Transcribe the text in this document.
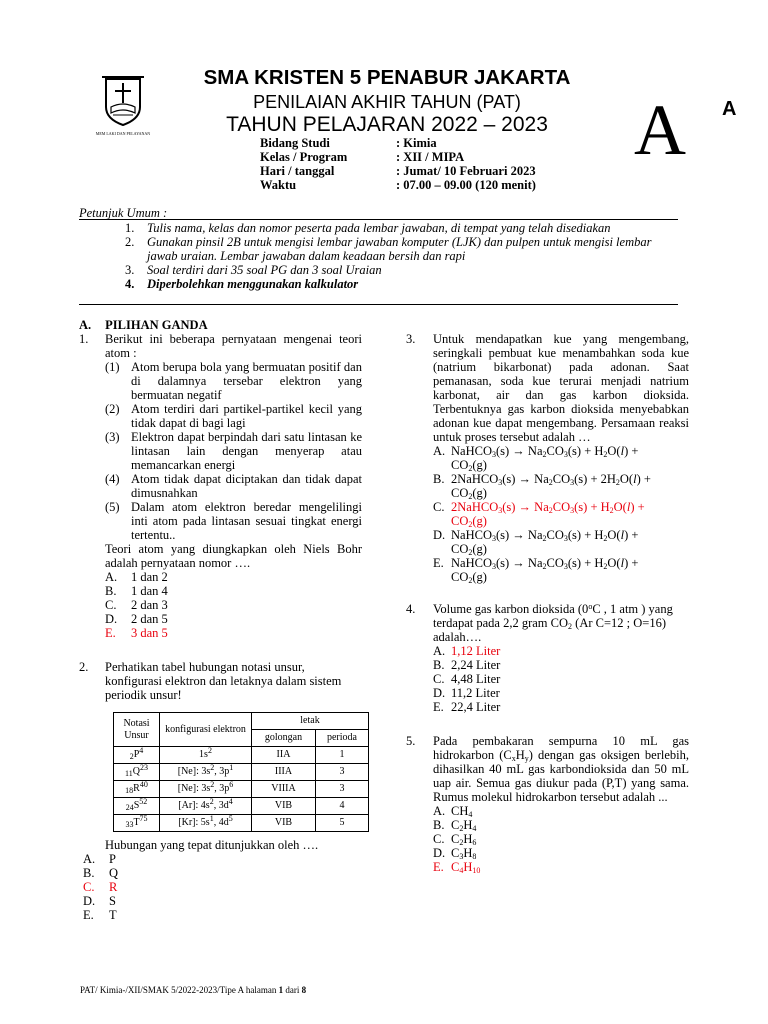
MEM LAKI DAN PELAYANAN
SMA KRISTEN 5 PENABUR JAKARTA
PENILAIAN AKHIR TAHUN (PAT)
TAHUN PELAJARAN 2022 – 2023	A	A
Bidang Studi	: Kimia
Kelas / Program	: XII / MIPA
Hari / tanggal	: Jumat/ 10 Februari 2023
Waktu	: 07.00 – 09.00 (120 menit)
Petunjuk Umum :
1. Tulis nama, kelas dan nomor peserta pada lembar jawaban, di tempat yang telah disediakan
2. Gunakan pinsil 2B untuk mengisi lembar jawaban komputer (LJK) dan pulpen untuk mengisi lembar jawab uraian. Lembar jawaban dalam keadaan bersih dan rapi
3. Soal terdiri dari 35 soal PG dan 3 soal Uraian
4. Diperbolehkan menggunakan kalkulator
A. PILIHAN GANDA
1. Berikut ini beberapa pernyataan mengenai teori atom :
(1) Atom berupa bola yang bermuatan positif dan di dalamnya tersebar elektron yang bermuatan negatif
(2) Atom terdiri dari partikel-partikel kecil yang tidak dapat di bagi lagi
(3) Elektron dapat berpindah dari satu lintasan ke lintasan lain dengan menyerap atau memancarkan energi
(4) Atom tidak dapat diciptakan dan tidak dapat dimusnahkan
(5) Dalam atom elektron beredar mengelilingi inti atom pada lintasan sesuai tingkat energi tertentu..
Teori atom yang diungkapkan oleh Niels Bohr adalah pernyataan nomor ….
A. 1 dan 2
B. 1 dan 4
C. 2 dan 3
D. 2 dan 5
E. 3 dan 5
2. Perhatikan tabel hubungan notasi unsur, konfigurasi elektron dan letaknya dalam sistem periodik unsur!
Notasi Unsur	konfigurasi elektron	letak	
		golongan	perioda
$_2P^4$	$1s^2$	IIA	1
$_{11}Q^{23}$	[Ne]: $3s^2$, $3p^1$	IIIA	3
$_{18}R^{40}$	[Ne]: $3s^2$, $3p^6$	VIIIA	3
$_{24}S^{52}$	[Ar]: $4s^2$, $3d^4$	VIB	4
$_{33}T^{75}$	[Kr]: $5s^1$, $4d^5$	VIB	5
Hubungan yang tepat ditunjukkan oleh ….
A. P
B. Q
C. R
D. S
E. T
3. Untuk mendapatkan kue yang mengembang, seringkali pembuat kue menambahkan soda kue (natrium bikarbonat) pada adonan. Saat pemanasan, soda kue terurai menjadi natrium karbonat, air dan gas karbon dioksida. Terbentuknya gas karbon dioksida menyebabkan adonan kue dapat mengembang. Persamaan reaksi untuk proses tersebut adalah …
A. NaHCO$_3$(s) → $Na_2CO_3(s) + H_2O(l)$ +
$CO_2(g)$
B. 2NaHCO$_3$(s) → $Na_2CO_3(s) + 2H_2O(l)$ +
$CO_2(g)$
C. 2NaHCO$_3$(s) → $Na_2CO_3(s) + H_2O(l)$ +
$CO_2(g)$
D. NaHCO$_3$(s) → $Na_2CO_3(s) + H_2O(l)$ +
$CO_2(g)$
E. NaHCO$_3$(s) → $Na_2CO_3(s) + H_2O(l)$ +
$CO_2(g)$
4. Volume gas karbon dioksida (0$^o$C , 1 atm ) yang terdapat pada 2,2 gram $CO_2$ (Ar C=12 ; O=16) adalah….
A. 1,12 Liter
B. 2,24 Liter
C. 4,48 Liter
D. 11,2 Liter
E. 22,4 Liter
5. Pada pembakaran sempurna 10 mL gas hidrokarbon $(C_xH_y)$ dengan gas oksigen berlebih, dihasilkan 40 mL gas karbondioksida dan 50 mL uap air. Semua gas diukur pada (P,T) yang sama. Rumus molekul hidrokarbon tersebut adalah ...
A. $CH_4$
B. $C_2H_4$
C. $C_2H_6$
D. $C_3H_8$
E. $C_4H_{10}$
PAT/ Kimia-/XII/SMAK 5/2022-2023/Tipe A halaman 1 dari 8
